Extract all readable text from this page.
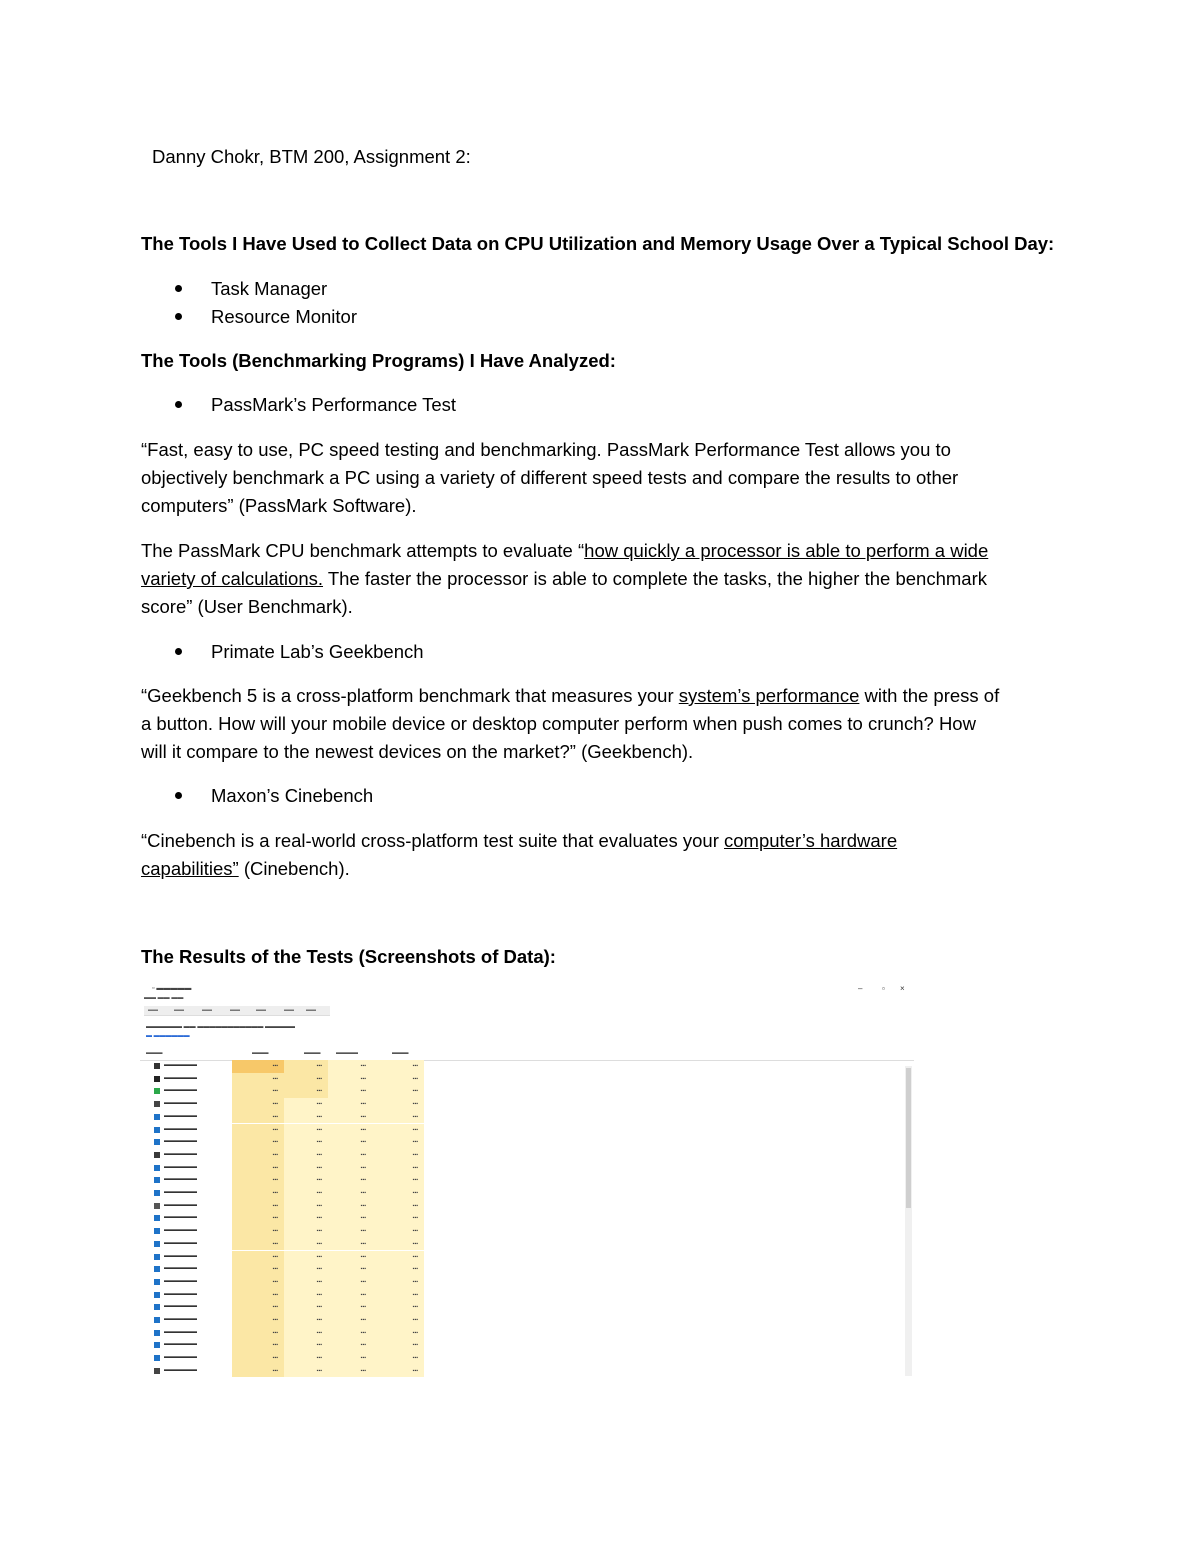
Danny Chokr, BTM 200, Assignment 2:
The Tools I Have Used to Collect Data on CPU Utilization and Memory Usage Over a Typical School Day:
Task Manager
Resource Monitor
The Tools (Benchmarking Programs) I Have Analyzed:
PassMark’s Performance Test
“Fast, easy to use, PC speed testing and benchmarking. PassMark Performance Test allows you to
objectively benchmark a PC using a variety of different speed tests and compare the results to other
computers” (PassMark Software).
The PassMark CPU benchmark attempts to evaluate “how quickly a processor is able to perform a wide
variety of calculations. The faster the processor is able to complete the tasks, the higher the benchmark
score” (User Benchmark).
Primate Lab’s Geekbench
“Geekbench 5 is a cross-platform benchmark that measures your system’s performance with the press of
a button. How will your mobile device or desktop computer perform when push comes to crunch? How
will it compare to the newest devices on the market?” (Geekbench).
Maxon’s Cinebench
“Cinebench is a real-world cross-platform test suite that evaluates your computer’s hardware
capabilities” (Cinebench).
The Results of the Tests (Screenshots of Data):
▫ ▬▬▬▬▬	– ▫ ×
▬▬ ▬▬ ▬▬
▬▬	▬▬	▬▬	▬▬	▬▬	▬▬ ▬▬
▬▬▬▬▬▬ ▬▬ ▬▬▬▬▬▬▬▬▬▬▬ ▬▬▬▬▬
▬ ▬▬▬▬▬▬
▬▬▬	▬▬▬	▬▬▬	▬▬▬▬	▬▬▬
▬▬▬▬▬▬	▪▪▪	▪▪▪	▪▪▪	▪▪▪
▬▬▬▬▬▬	▪▪▪	▪▪▪	▪▪▪	▪▪▪
▬▬▬▬▬▬	▪▪▪	▪▪▪	▪▪▪	▪▪▪
▬▬▬▬▬▬	▪▪▪	▪▪▪	▪▪▪	▪▪▪
▬▬▬▬▬▬	▪▪▪	▪▪▪	▪▪▪	▪▪▪
▬▬▬▬▬▬	▪▪▪	▪▪▪	▪▪▪	▪▪▪
▬▬▬▬▬▬	▪▪▪	▪▪▪	▪▪▪	▪▪▪
▬▬▬▬▬▬	▪▪▪	▪▪▪	▪▪▪	▪▪▪
▬▬▬▬▬▬	▪▪▪	▪▪▪	▪▪▪	▪▪▪
▬▬▬▬▬▬	▪▪▪	▪▪▪	▪▪▪	▪▪▪
▬▬▬▬▬▬	▪▪▪	▪▪▪	▪▪▪	▪▪▪
▬▬▬▬▬▬	▪▪▪	▪▪▪	▪▪▪	▪▪▪
▬▬▬▬▬▬	▪▪▪	▪▪▪	▪▪▪	▪▪▪
▬▬▬▬▬▬	▪▪▪	▪▪▪	▪▪▪	▪▪▪
▬▬▬▬▬▬	▪▪▪	▪▪▪	▪▪▪	▪▪▪
▬▬▬▬▬▬	▪▪▪	▪▪▪	▪▪▪	▪▪▪
▬▬▬▬▬▬	▪▪▪	▪▪▪	▪▪▪	▪▪▪
▬▬▬▬▬▬	▪▪▪	▪▪▪	▪▪▪	▪▪▪
▬▬▬▬▬▬	▪▪▪	▪▪▪	▪▪▪	▪▪▪
▬▬▬▬▬▬	▪▪▪	▪▪▪	▪▪▪	▪▪▪
▬▬▬▬▬▬	▪▪▪	▪▪▪	▪▪▪	▪▪▪
▬▬▬▬▬▬	▪▪▪	▪▪▪	▪▪▪	▪▪▪
▬▬▬▬▬▬	▪▪▪	▪▪▪	▪▪▪	▪▪▪
▬▬▬▬▬▬	▪▪▪	▪▪▪	▪▪▪	▪▪▪
▬▬▬▬▬▬	▪▪▪	▪▪▪	▪▪▪	▪▪▪
